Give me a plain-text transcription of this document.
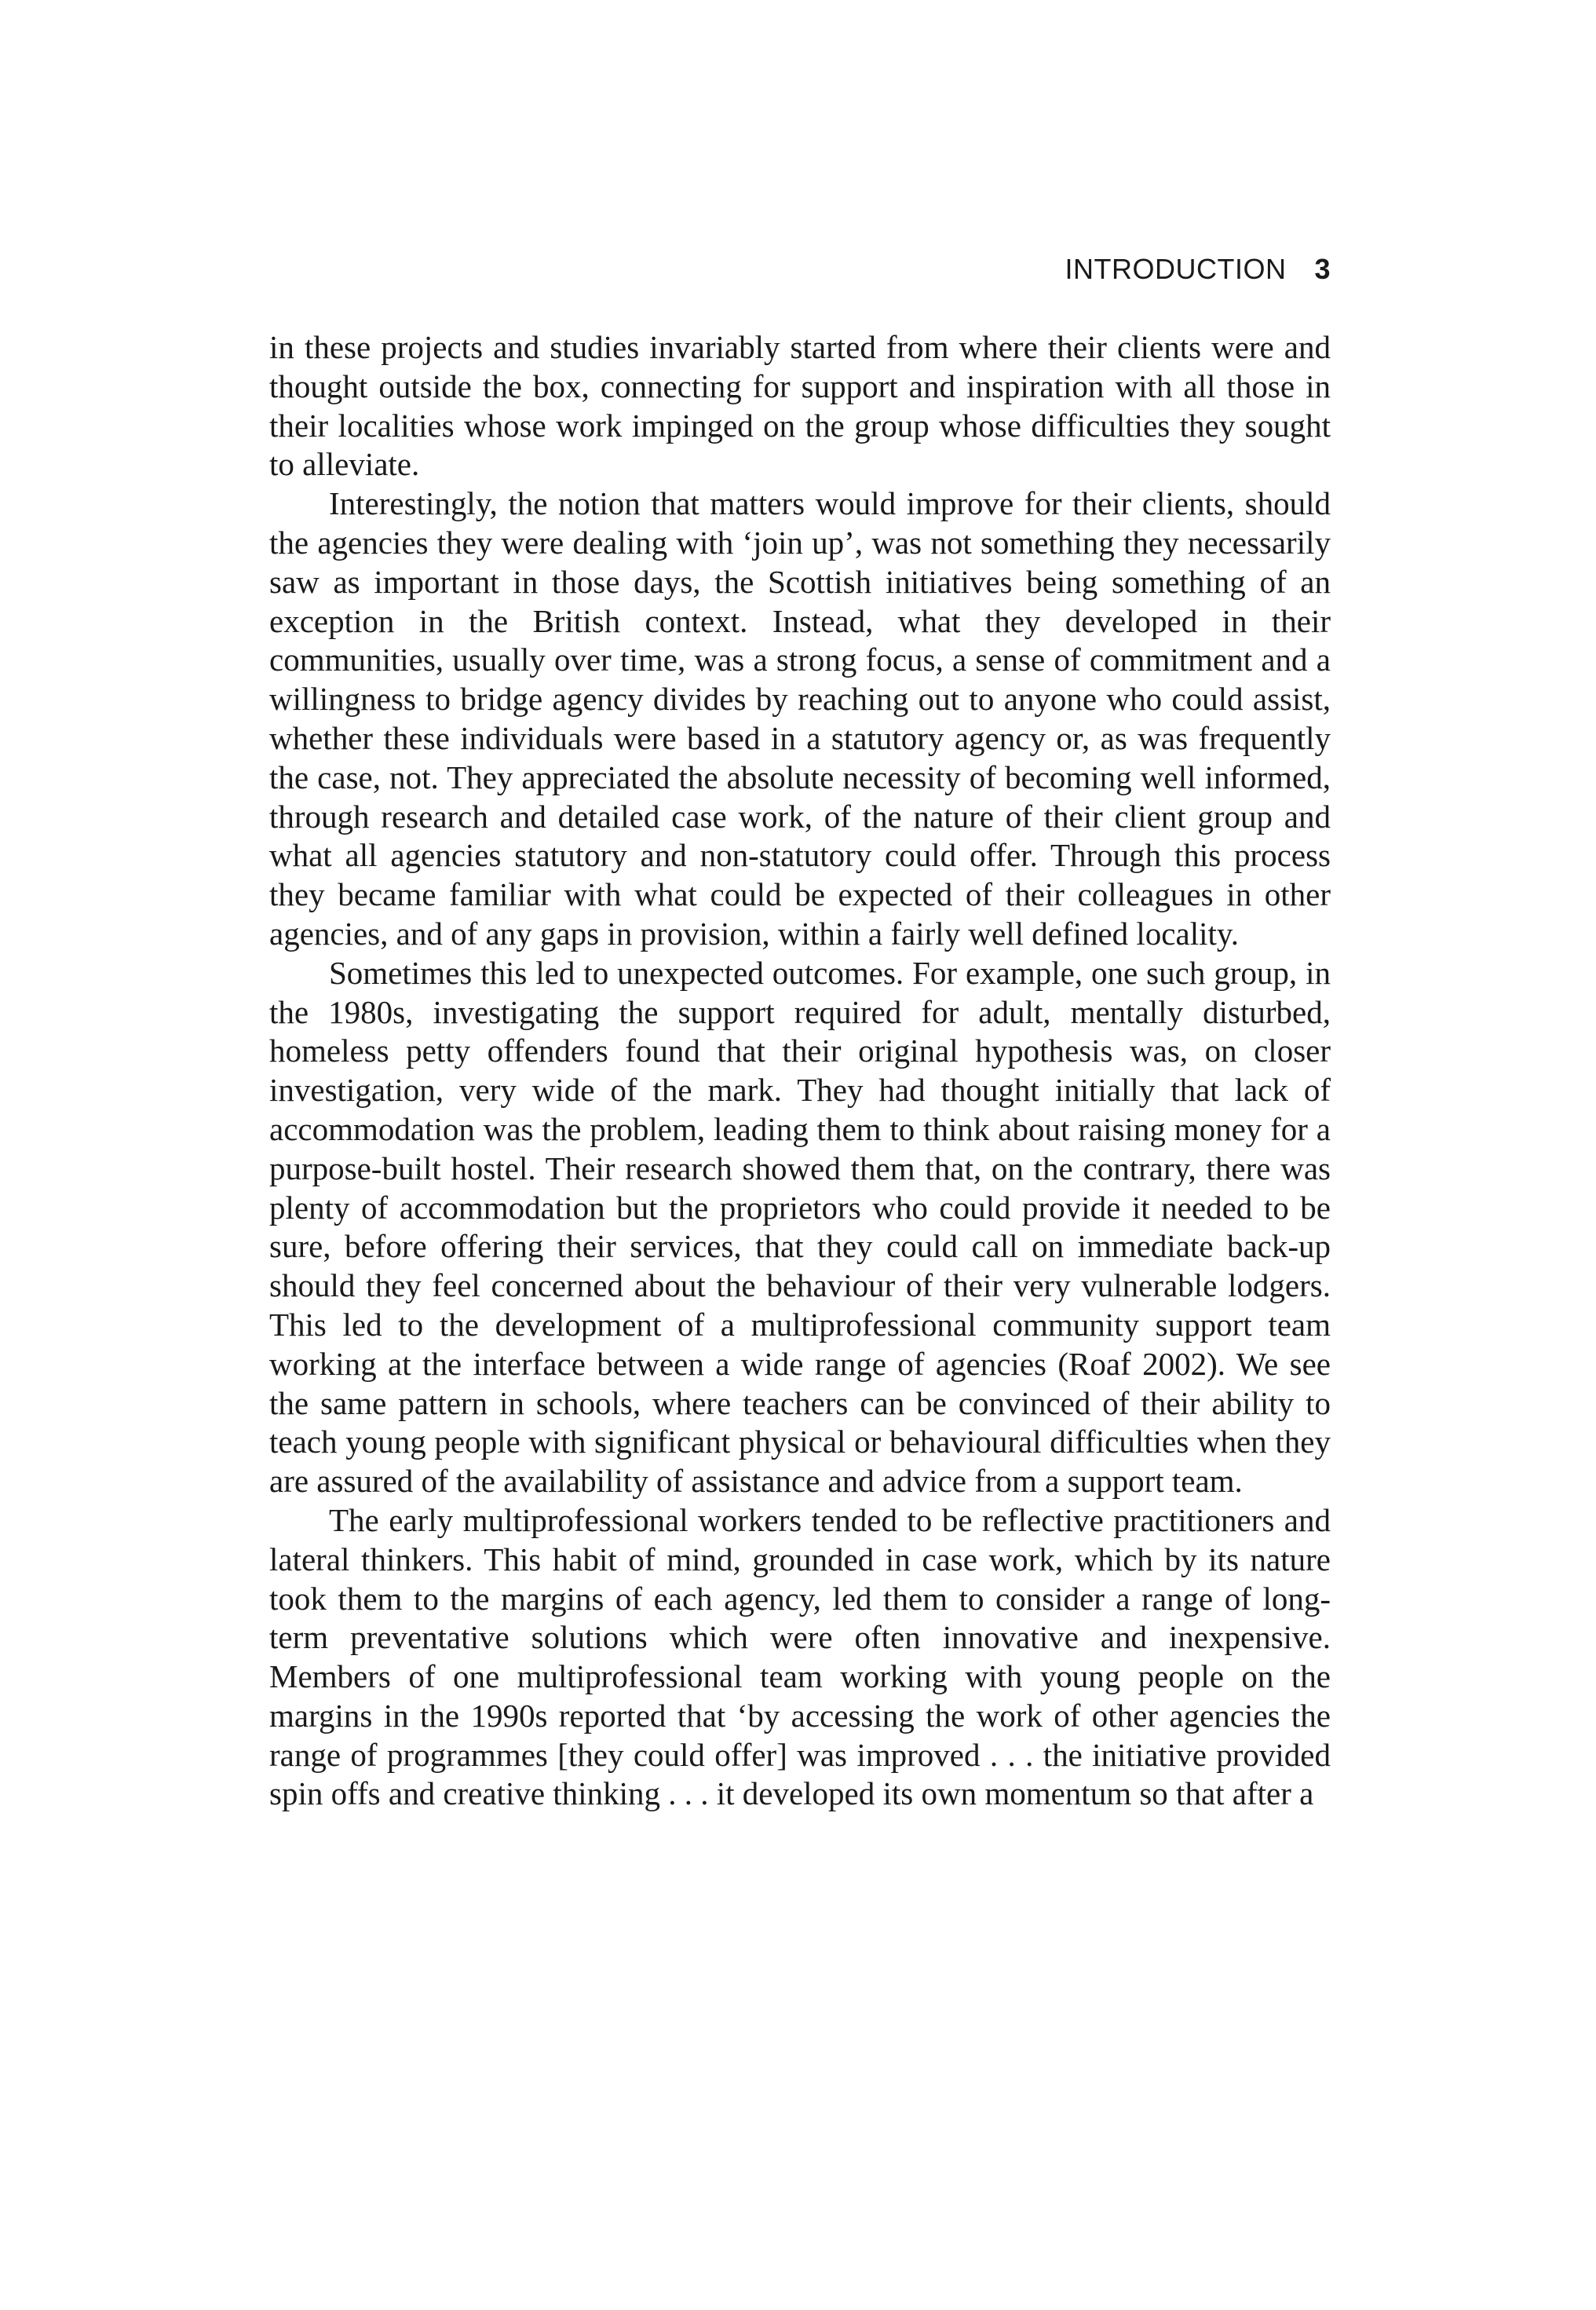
INTRODUCTION 3

in these projects and studies invariably started from where their clients were and thought outside the box, connecting for support and inspiration with all those in their localities whose work impinged on the group whose difficulties they sought to alleviate.

Interestingly, the notion that matters would improve for their clients, should the agencies they were dealing with ‘join up’, was not something they necessarily saw as important in those days, the Scottish initiatives being something of an exception in the British context. Instead, what they developed in their communities, usually over time, was a strong focus, a sense of commitment and a willingness to bridge agency divides by reaching out to anyone who could assist, whether these individuals were based in a statutory agency or, as was frequently the case, not. They appreciated the absolute necessity of becoming well informed, through research and detailed case work, of the nature of their client group and what all agencies statutory and non-statutory could offer. Through this process they became familiar with what could be expected of their colleagues in other agencies, and of any gaps in provision, within a fairly well defined locality.

Sometimes this led to unexpected outcomes. For example, one such group, in the 1980s, investigating the support required for adult, mentally disturbed, homeless petty offenders found that their original hypothesis was, on closer investigation, very wide of the mark. They had thought initially that lack of accommodation was the problem, leading them to think about raising money for a purpose-built hostel. Their research showed them that, on the contrary, there was plenty of accommodation but the proprietors who could provide it needed to be sure, before offering their services, that they could call on immediate back-up should they feel concerned about the behaviour of their very vulnerable lodgers. This led to the development of a multiprofessional community support team working at the interface between a wide range of agencies (Roaf 2002). We see the same pattern in schools, where teachers can be convinced of their ability to teach young people with significant physical or behavioural difficulties when they are assured of the availability of assistance and advice from a support team.

The early multiprofessional workers tended to be reflective practitioners and lateral thinkers. This habit of mind, grounded in case work, which by its nature took them to the margins of each agency, led them to consider a range of long-term preventative solutions which were often innovative and inexpensive. Members of one multiprofessional team working with young people on the margins in the 1990s reported that ‘by accessing the work of other agencies the range of programmes [they could offer] was improved . . . the initiative provided spin offs and creative thinking . . . it developed its own momentum so that after a
